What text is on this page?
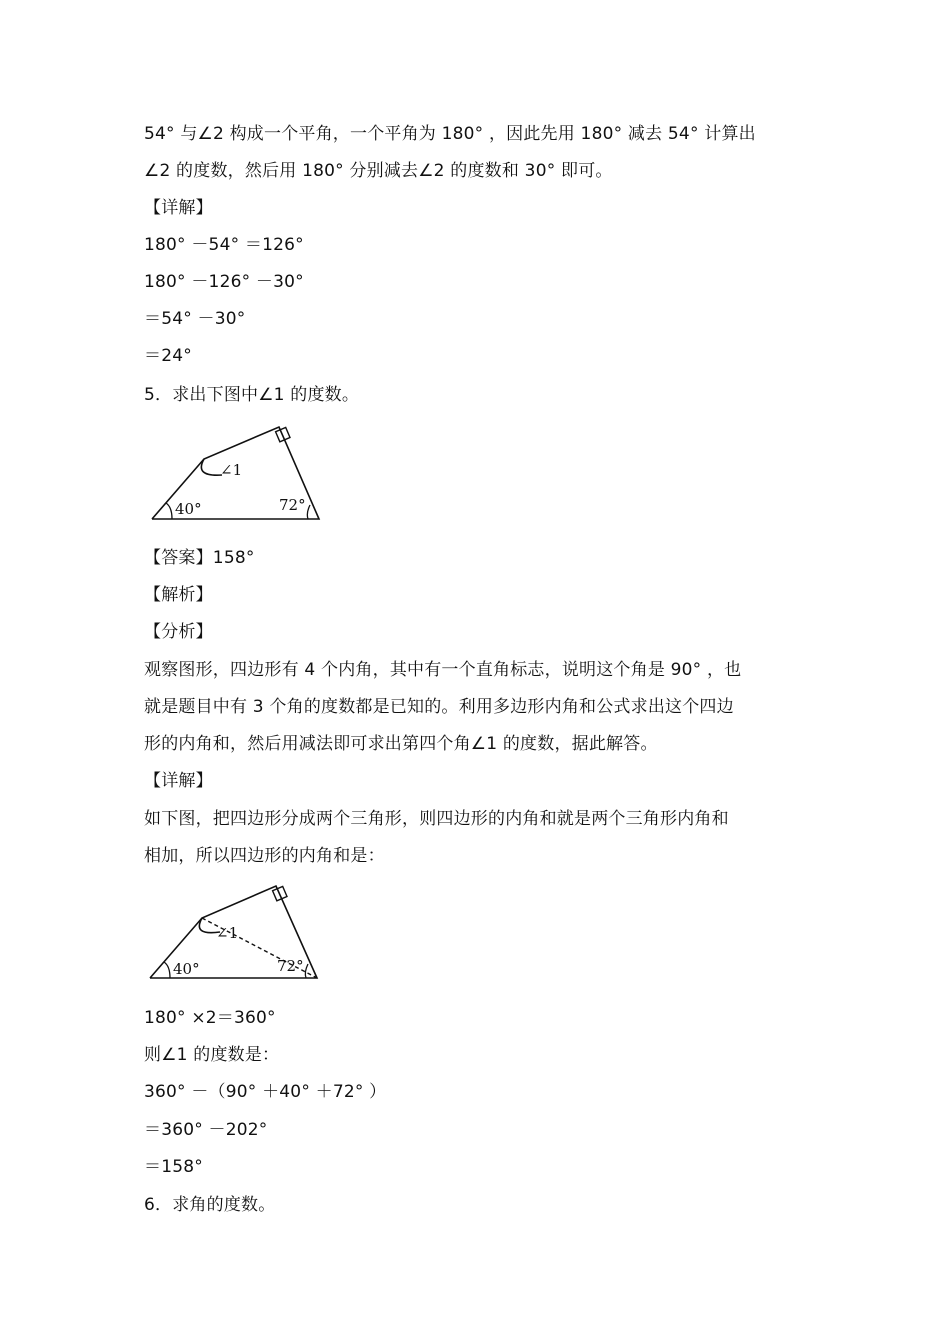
54° 与∠2 构成一个平角，一个平角为 180° ，因此先用 180° 减去 54° 计算出
∠2 的度数，然后用 180° 分别减去∠2 的度数和 30° 即可。
【详解】
180° －54° ＝126°
180° －126° －30°
＝54° －30°
＝24°
5．求出下图中∠1 的度数。
∠1
40°	72°
【答案】158°
【解析】
【分析】
观察图形，四边形有 4 个内角，其中有一个直角标志，说明这个角是 90° ，也
就是题目中有 3 个角的度数都是已知的。利用多边形内角和公式求出这个四边
形的内角和，然后用减法即可求出第四个角∠1 的度数，据此解答。
【详解】
如下图，把四边形分成两个三角形，则四边形的内角和就是两个三角形内角和
相加，所以四边形的内角和是：
∠1
40°	72°
180° ×2＝360°
则∠1 的度数是：
360° －（90° ＋40° ＋72° ）
＝360° －202°
＝158°
6．求角的度数。
